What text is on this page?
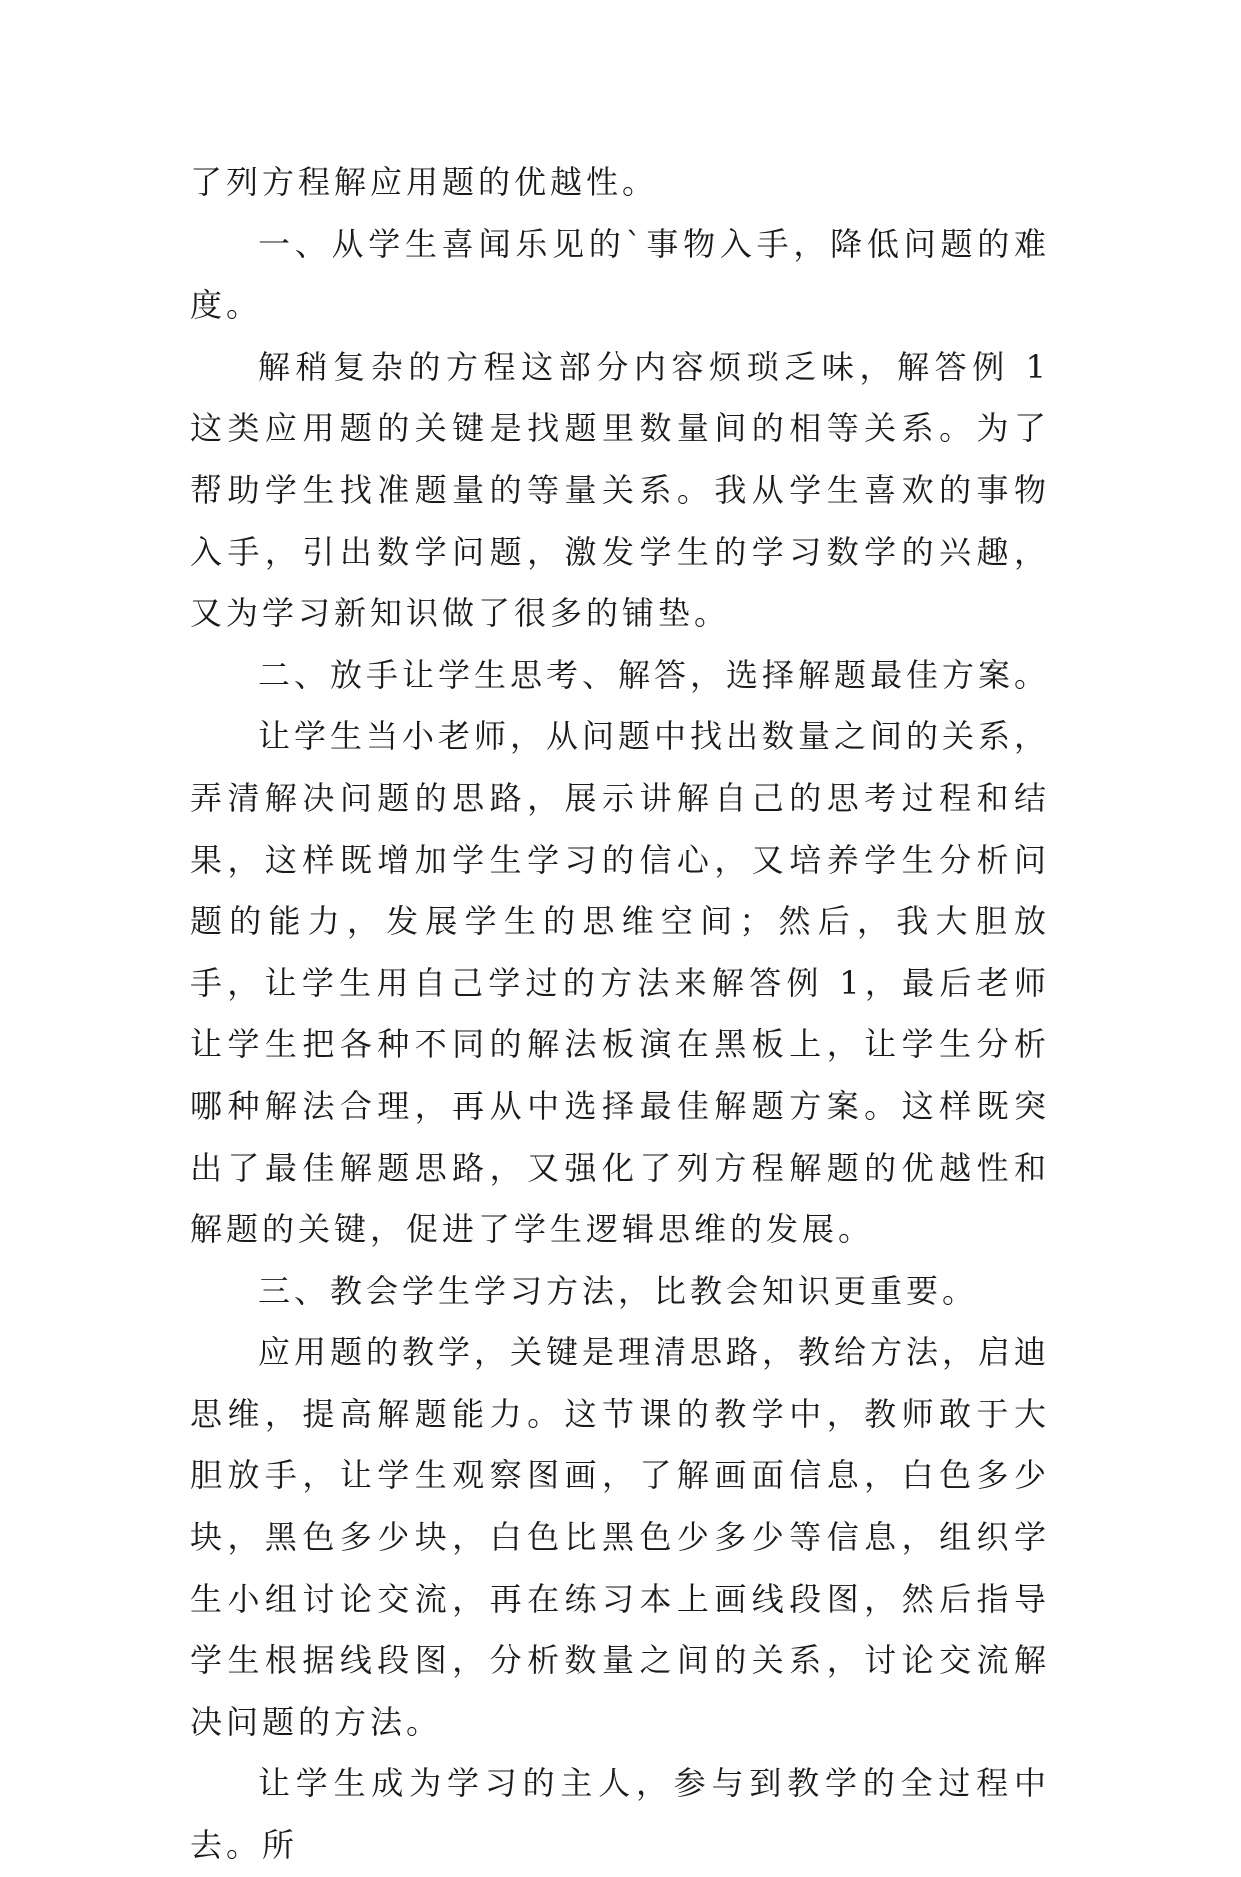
了列方程解应用题的优越性。

一、从学生喜闻乐见的`事物入手，降低问题的难度。

解稍复杂的方程这部分内容烦琐乏味，解答例 1 这类应用题的关键是找题里数量间的相等关系。为了帮助学生找准题量的等量关系。我从学生喜欢的事物入手，引出数学问题，激发学生的学习数学的兴趣，又为学习新知识做了很多的铺垫。

二、放手让学生思考、解答，选择解题最佳方案。

让学生当小老师，从问题中找出数量之间的关系，弄清解决问题的思路，展示讲解自己的思考过程和结果，这样既增加学生学习的信心，又培养学生分析问题的能力，发展学生的思维空间；然后，我大胆放手，让学生用自己学过的方法来解答例 1，最后老师让学生把各种不同的解法板演在黑板上，让学生分析哪种解法合理，再从中选择最佳解题方案。这样既突出了最佳解题思路，又强化了列方程解题的优越性和解题的关键，促进了学生逻辑思维的发展。

三、教会学生学习方法，比教会知识更重要。

应用题的教学，关键是理清思路，教给方法，启迪思维，提高解题能力。这节课的教学中，教师敢于大胆放手，让学生观察图画，了解画面信息，白色多少块，黑色多少块，白色比黑色少多少等信息，组织学生小组讨论交流，再在练习本上画线段图，然后指导学生根据线段图，分析数量之间的关系，讨论交流解决问题的方法。

让学生成为学习的主人，参与到教学的全过程中去。所
